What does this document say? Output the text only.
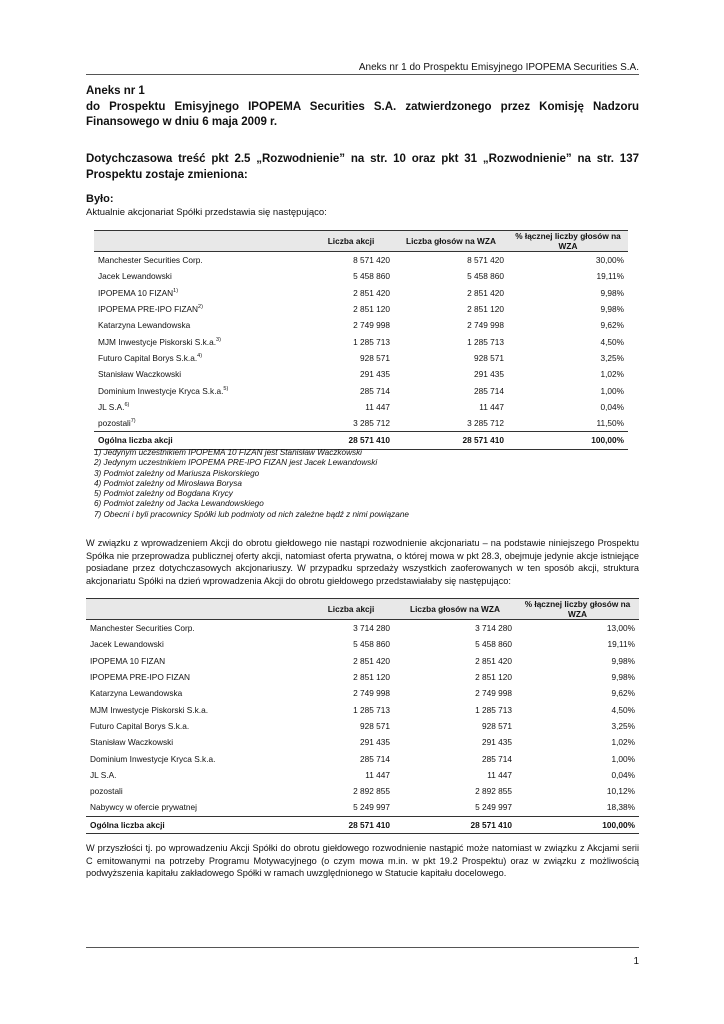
Aneks nr 1 do Prospektu Emisyjnego IPOPEMA Securities S.A.
Aneks nr 1
do Prospektu Emisyjnego IPOPEMA Securities S.A. zatwierdzonego przez Komisję Nadzoru Finansowego w dniu 6 maja 2009 r.
Dotychczasowa treść pkt 2.5 „Rozwodnienie” na str. 10 oraz pkt 31 „Rozwodnienie” na str. 137 Prospektu zostaje zmieniona:
Było:
Aktualnie akcjonariat Spółki przedstawia się następująco:
	Liczba akcji	Liczba głosów na WZA	% łącznej liczby głosów na WZA
Manchester Securities Corp.	8 571 420	8 571 420	30,00%
Jacek Lewandowski	5 458 860	5 458 860	19,11%
IPOPEMA 10 FIZAN$^{1)}$	2 851 420	2 851 420	9,98%
IPOPEMA PRE-IPO FIZAN$^{2)}$	2 851 120	2 851 120	9,98%
Katarzyna Lewandowska	2 749 998	2 749 998	9,62%
MJM Inwestycje Piskorski S.k.a.$^{3)}$	1 285 713	1 285 713	4,50%
Futuro Capital Borys S.k.a.$^{4)}$	928 571	928 571	3,25%
Stanisław Waczkowski	291 435	291 435	1,02%
Dominium Inwestycje Kryca S.k.a.$^{5)}$	285 714	285 714	1,00%
JL S.A.$^{6)}$	11 447	11 447	0,04%
pozostali$^{7)}$	3 285 712	3 285 712	11,50%
Ogólna liczba akcji	28 571 410	28 571 410	100,00%
1) Jedynym uczestnikiem IPOPEMA 10 FIZAN jest Stanisław Waczkowski
2) Jedynym uczestnikiem IPOPEMA PRE-IPO FIZAN jest Jacek Lewandowski
3) Podmiot zależny od Mariusza Piskorskiego
4) Podmiot zależny od Mirosława Borysa
5) Podmiot zależny od Bogdana Krycy
6) Podmiot zależny od Jacka Lewandowskiego
7) Obecni i byli pracownicy Spółki lub podmioty od nich zależne bądź z nimi powiązane
W związku z wprowadzeniem Akcji do obrotu giełdowego nie nastąpi rozwodnienie akcjonariatu – na podstawie niniejszego Prospektu Spółka nie przeprowadza publicznej oferty akcji, natomiast oferta prywatna, o której mowa w pkt 28.3, obejmuje jedynie akcje istniejące posiadane przez dotychczasowych akcjonariuszy. W przypadku sprzedaży wszystkich zaoferowanych w ten sposób akcji, struktura akcjonariatu Spółki na dzień wprowadzenia Akcji do obrotu giełdowego przedstawiałaby się następująco:
	Liczba akcji	Liczba głosów na WZA	% łącznej liczby głosów na WZA
Manchester Securities Corp.	3 714 280	3 714 280	13,00%
Jacek Lewandowski	5 458 860	5 458 860	19,11%
IPOPEMA 10 FIZAN	2 851 420	2 851 420	9,98%
IPOPEMA PRE-IPO FIZAN	2 851 120	2 851 120	9,98%
Katarzyna Lewandowska	2 749 998	2 749 998	9,62%
MJM Inwestycje Piskorski S.k.a.	1 285 713	1 285 713	4,50%
Futuro Capital Borys S.k.a.	928 571	928 571	3,25%
Stanisław Waczkowski	291 435	291 435	1,02%
Dominium Inwestycje Kryca S.k.a.	285 714	285 714	1,00%
JL S.A.	11 447	11 447	0,04%
pozostali	2 892 855	2 892 855	10,12%
Nabywcy w ofercie prywatnej	5 249 997	5 249 997	18,38%
Ogólna liczba akcji	28 571 410	28 571 410	100,00%
W przyszłości tj. po wprowadzeniu Akcji Spółki do obrotu giełdowego rozwodnienie nastąpić może natomiast w związku z Akcjami serii C emitowanymi na potrzeby Programu Motywacyjnego (o czym mowa m.in. w pkt 19.2 Prospektu) oraz w związku z możliwością podwyższenia kapitału zakładowego Spółki w ramach uwzględnionego w Statucie kapitału docelowego.
1
